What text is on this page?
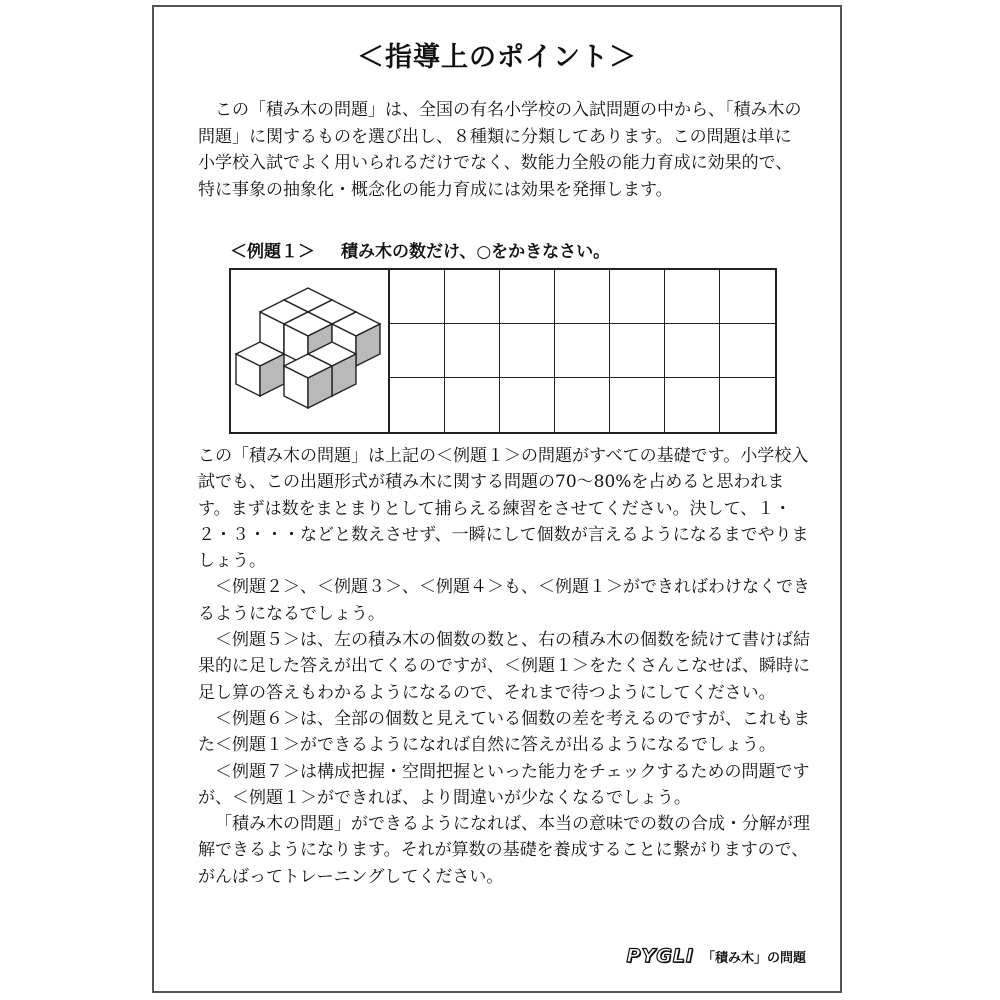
＜指導上のポイント＞

この「積み木の問題」は、全国の有名小学校の入試問題の中から、「積み木の問題」に関するものを選び出し、８種類に分類してあります。この問題は単に小学校入試でよく用いられるだけでなく、数能力全般の能力育成に効果的で、特に事象の抽象化・概念化の能力育成には効果を発揮します。

＜例題１＞ 積み木の数だけ、○をかきなさい。

この「積み木の問題」は上記の＜例題１＞の問題がすべての基礎です。小学校入試でも、この出題形式が積み木に関する問題の70～80%を占めると思われます。まずは数をまとまりとして捕らえる練習をさせてください。決して、１・２・３・・・などと数えさせず、一瞬にして個数が言えるようになるまでやりましょう。

＜例題２＞、＜例題３＞、＜例題４＞も、＜例題１＞ができればわけなくできるようになるでしょう。

＜例題５＞は、左の積み木の個数の数と、右の積み木の個数を続けて書けば結果的に足した答えが出てくるのですが、＜例題１＞をたくさんこなせば、瞬時に足し算の答えもわかるようになるので、それまで待つようにしてください。

＜例題６＞は、全部の個数と見えている個数の差を考えるのですが、これもまた＜例題１＞ができるようになれば自然に答えが出るようになるでしょう。

＜例題７＞は構成把握・空間把握といった能力をチェックするための問題ですが、＜例題１＞ができれば、より間違いが少なくなるでしょう。

「積み木の問題」ができるようになれば、本当の意味での数の合成・分解が理解できるようになります。それが算数の基礎を養成することに繋がりますので、がんばってトレーニングしてください。

PYGLI 「積み木」の問題
